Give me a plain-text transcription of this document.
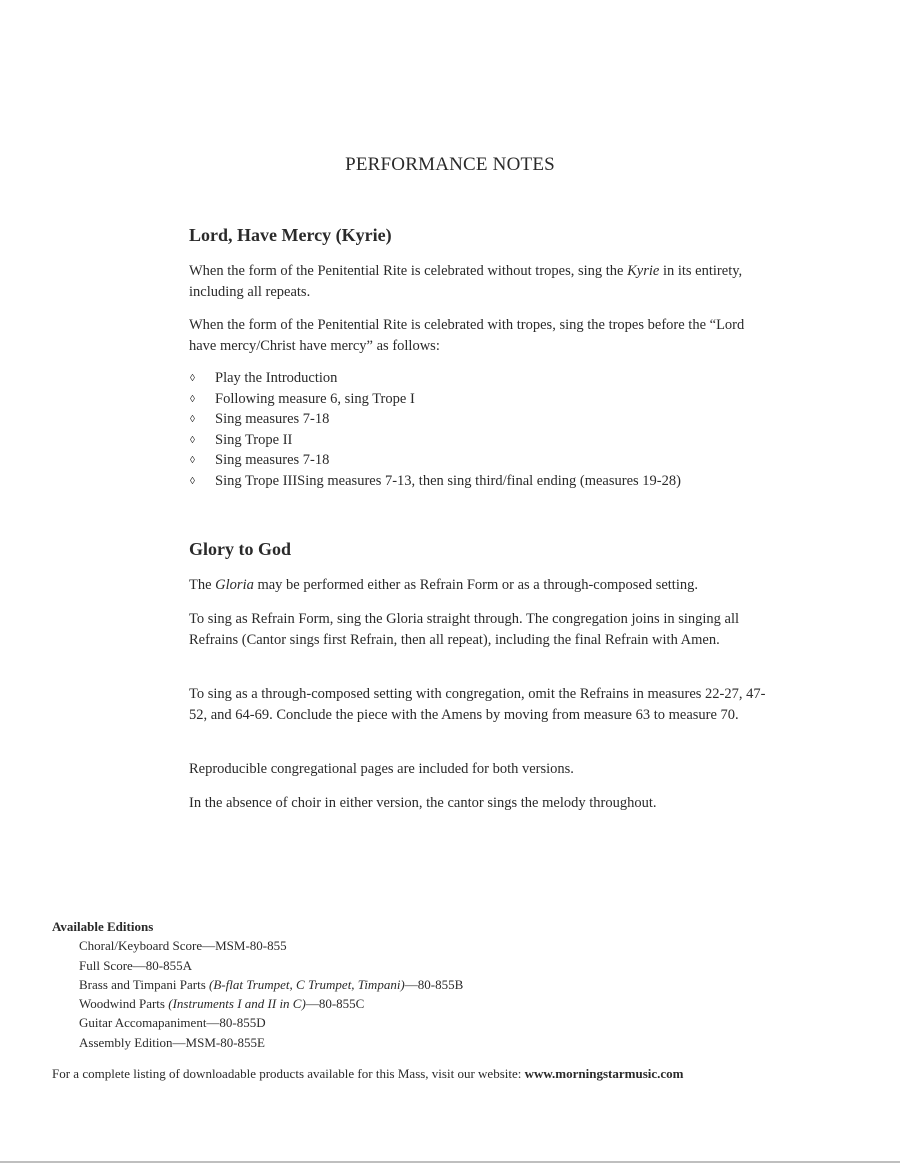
PERFORMANCE NOTES
Lord, Have Mercy (Kyrie)

When the form of the Penitential Rite is celebrated without tropes, sing the Kyrie in its entirety, including all repeats.

When the form of the Penitential Rite is celebrated with tropes, sing the tropes before the “Lord have mercy/Christ have mercy” as follows:

◊ Play the Introduction
◊ Following measure 6, sing Trope I
◊ Sing measures 7-18
◊ Sing Trope II
◊ Sing measures 7-18
◊ Sing Trope IIISing measures 7-13, then sing third/final ending (measures 19-28)
Glory to God

The Gloria may be performed either as Refrain Form or as a through-composed setting.

To sing as Refrain Form, sing the Gloria straight through. The congregation joins in singing all Refrains (Cantor sings first Refrain, then all repeat), including the final Refrain with Amen.

To sing as a through-composed setting with congregation, omit the Refrains in measures 22-27, 47-52, and 64-69. Conclude the piece with the Amens by moving from measure 63 to measure 70.

Reproducible congregational pages are included for both versions.

In the absence of choir in either version, the cantor sings the melody throughout.

Available Editions
Choral/Keyboard Score—MSM-80-855
Full Score—80-855A
Brass and Timpani Parts (B-flat Trumpet, C Trumpet, Timpani)—80-855B
Woodwind Parts (Instruments I and II in C)—80-855C
Guitar Accomapaniment—80-855D
Assembly Edition—MSM-80-855E
For a complete listing of downloadable products available for this Mass, visit our website: www.morningstarmusic.com
